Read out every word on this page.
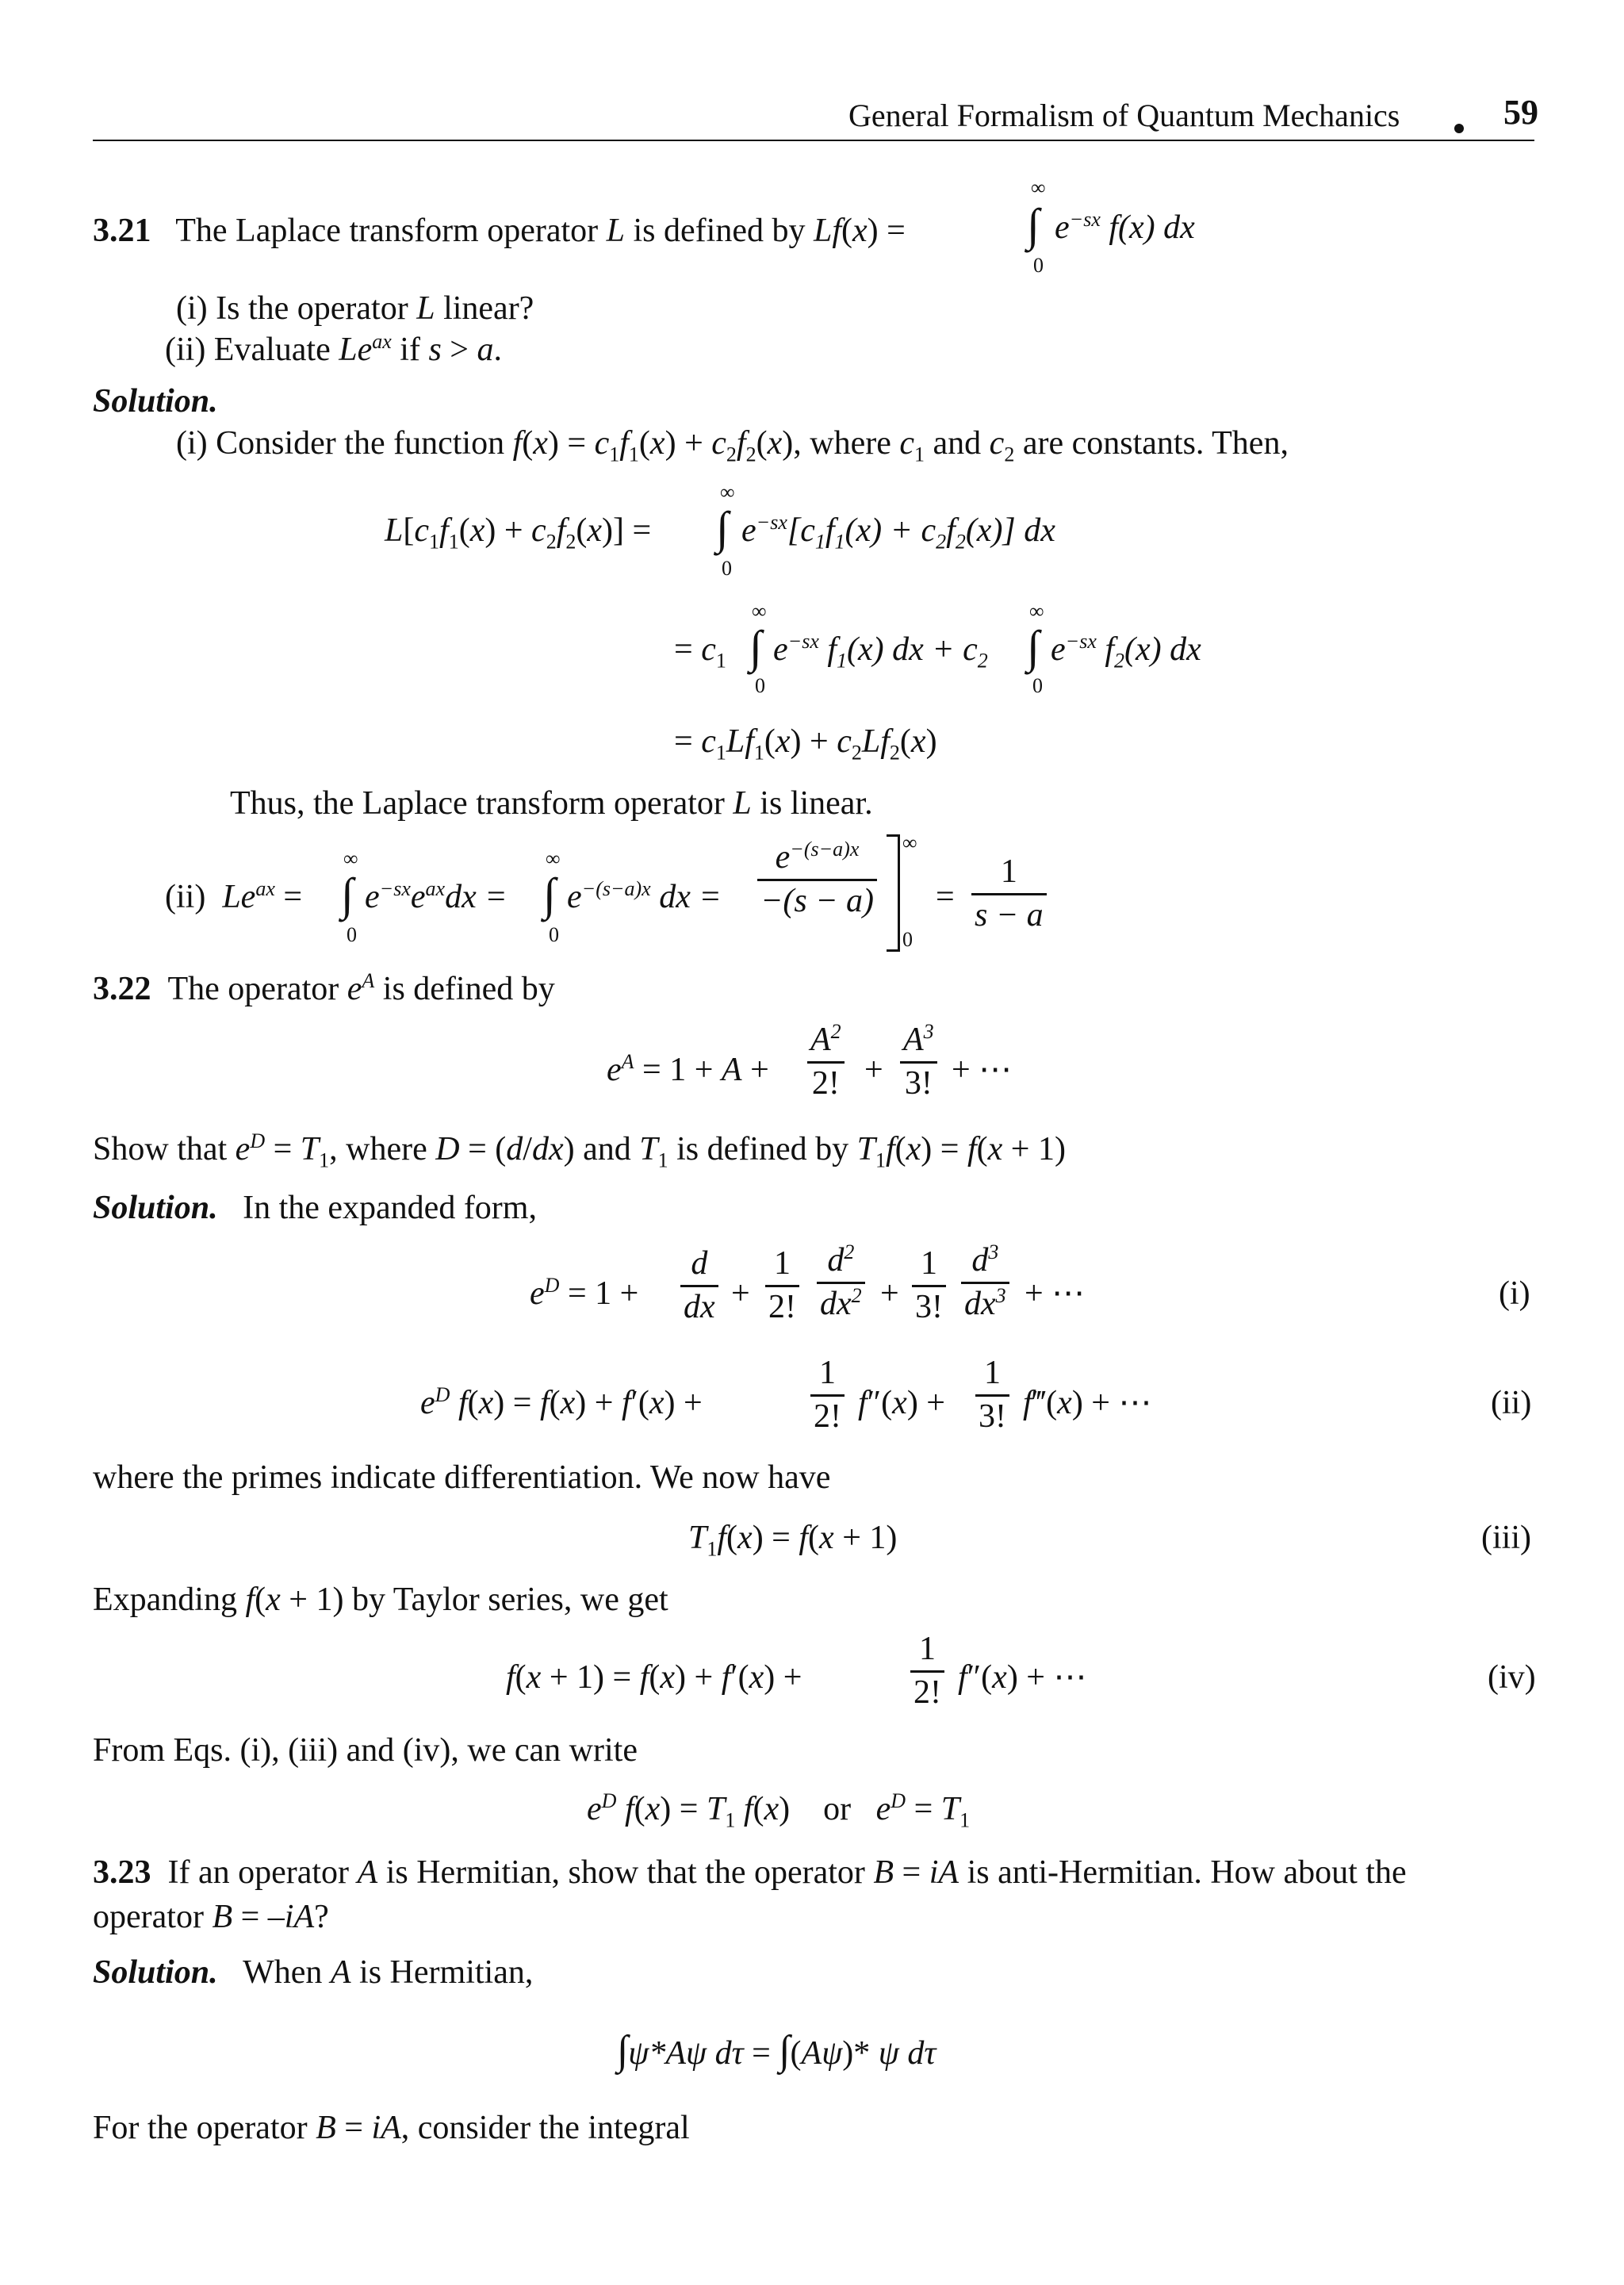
General Formalism of Quantum Mechanics	59
3.21 The Laplace transform operator L is defined by Lf(x) =
∞
∫
0
$e^{-sx}$ f(x) dx
(i) Is the operator L linear?
(ii) Evaluate $Le^{ax}$ if s > a.
Solution.
(i) Consider the function $f(x) = c_1f_1(x) + c_2f_2(x)$, where $c_1$ and $c_2$ are constants. Then,
$L[c_1f_1(x) + c_2f_2(x)]$ =
∞
∫
0
$e^{-sx}[c_1f_1(x) + c_2f_2(x)]$ dx
= $c_1$
∞
∫
0
$e^{-sx}$ $f_1(x)$ dx + $c_2$
∞
∫
0
$e^{-sx}$ $f_2(x)$ dx
= $c_1Lf_1(x) + c_2Lf_2(x)$
Thus, the Laplace transform operator L is linear.
(ii)  $Le^{ax}$ =
∞
∫
0
$e^{-sx}e^{ax}dx$ =
∞
∫
0
$e^{-(s-a)x}$ dx =
$e^{-(s-a)x}$
−(s − a)
∞
0
=
1
s − a
3.22 The operator $e^A$ is defined by
$e^A = 1 + A$ +
$A^2$
2! +
$A^3$
3! + ⋯
Show that $e^D = T_1$, where D = (d/dx) and $T_1$ is defined by $T_1f(x) = f(x + 1)$
Solution. In the expanded form,
$e^D = 1$ +
d
dx +
1
2!
$d^2$
$dx^2$ +
1
3!
$d^3$
$dx^3$ + ⋯	(i)
$e^D$ f(x) = f(x) + f′(x) +
1
2! f″(x) +
1
3! f‴(x) + ⋯	(ii)
where the primes indicate differentiation. We now have
$T_1f(x) = f(x + 1)$	(iii)
Expanding f(x + 1) by Taylor series, we get
f(x + 1) = f(x) + f′(x) +
1
2! f″(x) + ⋯	(iv)
From Eqs. (i), (iii) and (iv), we can write
$e^D$ $f(x) = T_1$ f(x)    or $e^D = T_1$
3.23 If an operator A is Hermitian, show that the operator B = iA is anti-Hermitian. How about the
operator B = –iA?
Solution. When A is Hermitian,
∫ψ*Aψ dτ = ∫(Aψ)* ψ dτ
For the operator B = iA, consider the integral
